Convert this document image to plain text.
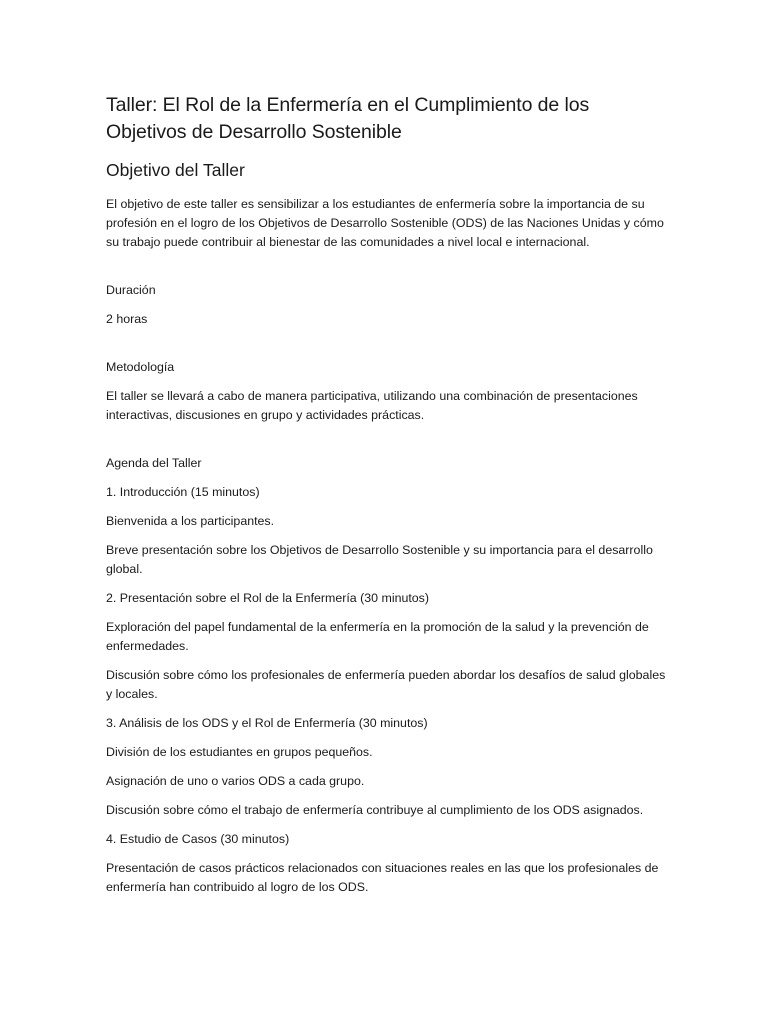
Taller: El Rol de la Enfermería en el Cumplimiento de los Objetivos de Desarrollo Sostenible
Objetivo del Taller

El objetivo de este taller es sensibilizar a los estudiantes de enfermería sobre la importancia de su profesión en el logro de los Objetivos de Desarrollo Sostenible (ODS) de las Naciones Unidas y cómo su trabajo puede contribuir al bienestar de las comunidades a nivel local e internacional.

Duración

2 horas

Metodología

El taller se llevará a cabo de manera participativa, utilizando una combinación de presentaciones interactivas, discusiones en grupo y actividades prácticas.

Agenda del Taller

1. Introducción (15 minutos)

Bienvenida a los participantes.

Breve presentación sobre los Objetivos de Desarrollo Sostenible y su importancia para el desarrollo global.

2. Presentación sobre el Rol de la Enfermería (30 minutos)

Exploración del papel fundamental de la enfermería en la promoción de la salud y la prevención de enfermedades.

Discusión sobre cómo los profesionales de enfermería pueden abordar los desafíos de salud globales y locales.

3. Análisis de los ODS y el Rol de Enfermería (30 minutos)

División de los estudiantes en grupos pequeños.

Asignación de uno o varios ODS a cada grupo.

Discusión sobre cómo el trabajo de enfermería contribuye al cumplimiento de los ODS asignados.

4. Estudio de Casos (30 minutos)

Presentación de casos prácticos relacionados con situaciones reales en las que los profesionales de enfermería han contribuido al logro de los ODS.
